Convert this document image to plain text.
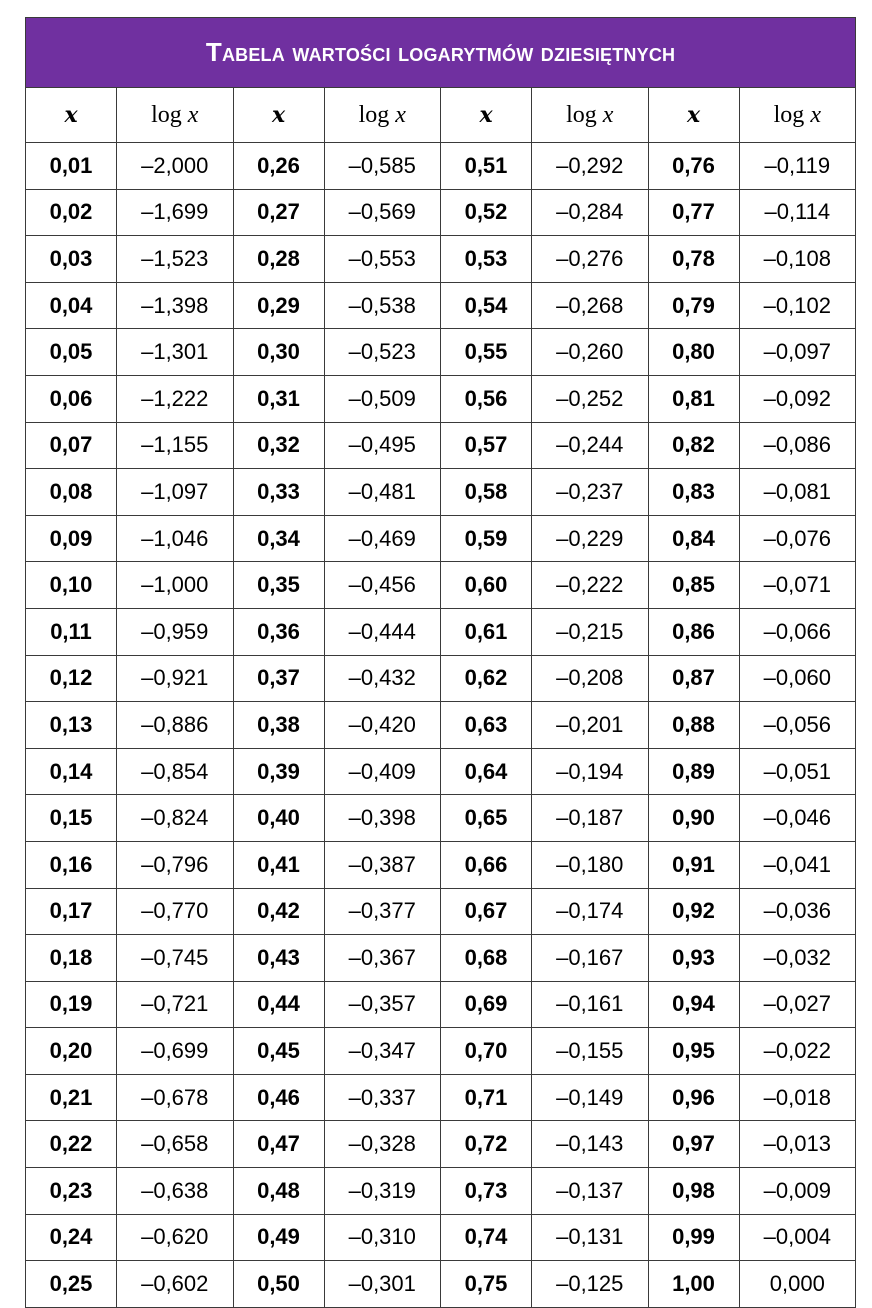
Tabela wartości logarytmów dziesiętnych							
x	log x	x	log x	x	log x	x	log x
0,01	–2,000	0,26	–0,585	0,51	–0,292	0,76	–0,119
0,02	–1,699	0,27	–0,569	0,52	–0,284	0,77	–0,114
0,03	–1,523	0,28	–0,553	0,53	–0,276	0,78	–0,108
0,04	–1,398	0,29	–0,538	0,54	–0,268	0,79	–0,102
0,05	–1,301	0,30	–0,523	0,55	–0,260	0,80	–0,097
0,06	–1,222	0,31	–0,509	0,56	–0,252	0,81	–0,092
0,07	–1,155	0,32	–0,495	0,57	–0,244	0,82	–0,086
0,08	–1,097	0,33	–0,481	0,58	–0,237	0,83	–0,081
0,09	–1,046	0,34	–0,469	0,59	–0,229	0,84	–0,076
0,10	–1,000	0,35	–0,456	0,60	–0,222	0,85	–0,071
0,11	–0,959	0,36	–0,444	0,61	–0,215	0,86	–0,066
0,12	–0,921	0,37	–0,432	0,62	–0,208	0,87	–0,060
0,13	–0,886	0,38	–0,420	0,63	–0,201	0,88	–0,056
0,14	–0,854	0,39	–0,409	0,64	–0,194	0,89	–0,051
0,15	–0,824	0,40	–0,398	0,65	–0,187	0,90	–0,046
0,16	–0,796	0,41	–0,387	0,66	–0,180	0,91	–0,041
0,17	–0,770	0,42	–0,377	0,67	–0,174	0,92	–0,036
0,18	–0,745	0,43	–0,367	0,68	–0,167	0,93	–0,032
0,19	–0,721	0,44	–0,357	0,69	–0,161	0,94	–0,027
0,20	–0,699	0,45	–0,347	0,70	–0,155	0,95	–0,022
0,21	–0,678	0,46	–0,337	0,71	–0,149	0,96	–0,018
0,22	–0,658	0,47	–0,328	0,72	–0,143	0,97	–0,013
0,23	–0,638	0,48	–0,319	0,73	–0,137	0,98	–0,009
0,24	–0,620	0,49	–0,310	0,74	–0,131	0,99	–0,004
0,25	–0,602	0,50	–0,301	0,75	–0,125	1,00	0,000
